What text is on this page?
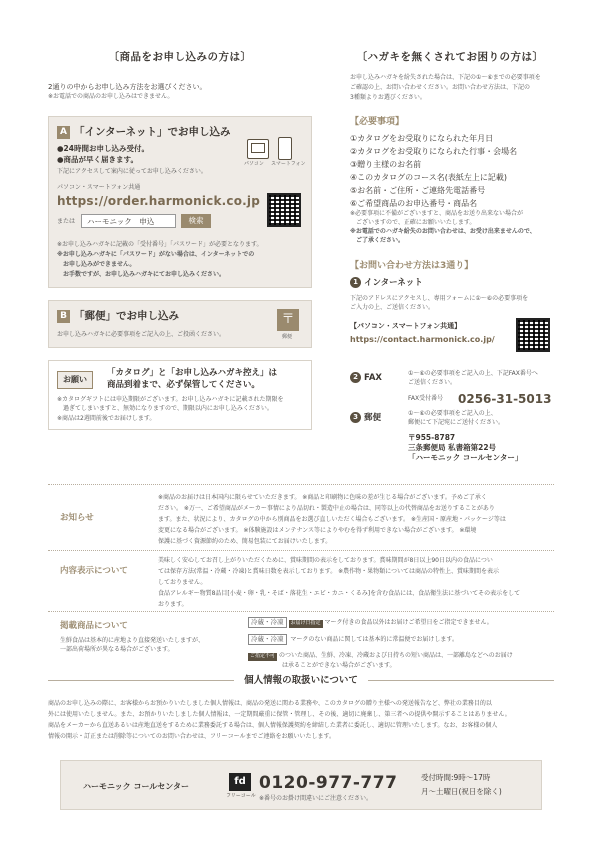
〔商品をお申し込みの方は〕	〔ハガキを無くされてお困りの方は〕
2通りの中からお申し込み方法をお選びください。
※お電話での商品のお申し込みはできません。
A 「インターネット」でお申し込み
●24時間お申し込み受付。
●商品が早く届きます。
下記にアクセスして案内に従ってお申し込みください。
パソコン スマートフォン
パソコン・スマートフォン共通
https://order.harmonick.co.jp
または	ハーモニック　申込	検索
※お申し込みハガキに記載の「受付番号」「パスワード」が必要となります。
※お申し込みハガキに「パスワード」がない場合は、インターネットでの
　お申し込みができません。
　お手数ですが、お申し込みハガキにてお申し込みください。
B 「郵便」でお申し込み
お申し込みハガキに必要事項をご記入の上、ご投函ください。
〒
郵便
お願い
「カタログ」と「お申し込みハガキ控え」は
商品到着まで、必ず保管してください。
※カタログギフトには申込期限がございます。お申し込みハガキに記載された期限を
　過ぎてしまいますと、無効になりますので、期限以内にお申し込みください。
※商品は2週間前後でお届けします。
お申し込みハガキを紛失された場合は、下記の①～⑥までの必要事項を
ご確認の上、お問い合わせください。お問い合わせ方法は、下記の
3種類よりお選びください。
【必要事項】
①カタログをお受取りになられた年月日
②カタログをお受取りになられた行事・会場名
③贈り主様のお名前
④このカタログのコース名(表紙左上に記載)
⑤お名前・ご住所・ご連絡先電話番号
⑥ご希望商品のお申込番号・商品名
※必要事項に不備がございますと、商品をお送り出来ない場合が
　ございますので、正確にお願いいたします。
※お電話でのハガキ紛失のお問い合わせは、お受け出来ませんので、
　ご了承ください。
【お問い合わせ方法は3通り】
1 インターネット
下記のアドレスにアクセスし、専用フォームに①～⑥の必要事項を
ご入力の上、ご送信ください。
【パソコン・スマートフォン共通】
https://contact.harmonick.co.jp/
2 FAX	①～⑥の必要事項をご記入の上、下記FAX番号へ
ご送信ください。
FAX受付番号 0256-31-5013
3 郵便	①～⑥の必要事項をご記入の上、
郵便にて下記宛にご送付ください。
〒955-8787
三条郵便局 私書箱第22号
「ハーモニック コールセンター」
お知らせ
※商品のお届けは日本国内に限らせていただきます。 ※商品と印刷物に色味の差が生じる場合がございます。予めご了承く
ださい。 ※万一、ご希望商品がメーカー事情により品切れ・製造中止の場合は、同等以上の代替商品をお送りすることがあり
ます。また、状況により、カタログの中から別商品をお選び直しいただく場合もございます。 ※生産国・原産地・パッケージ等は
変更になる場合がございます。 ※体験施設はメンテナンス等によりやむを得ず利用できない場合がございます。 ※環境
保護に基づく資源節約のため、簡易包装にてお届けいたします。
内容表示について
美味しく安心してお召し上がりいただくために、賞味期間の表示をしております。賞味期間が8日以上90日以内の食品につい
ては保存方法(常温・冷蔵・冷凍)と賞味日数を表示しております。 ※農作物・果物類については商品の特性上、賞味期間を表示
しておりません。
食品アレルギー物質8品目[小麦・卵・乳・そば・落花生・エビ・カニ・くるみ]を含む食品には、食品衛生法に基づいてその表示をして
おります。
掲載商品について
生鮮食品は基本的に産地より直接発送いたしますが、
一部出荷場所が異なる場合がございます。
冷蔵・冷凍 お届け日指定 マーク付きの食品以外はお届けご希望日をご指定できません。
冷蔵・冷凍 マークのない商品に関しては基本的に常温便でお届けします。
ご指定不可 のついた商品、生鮮、冷凍、冷蔵および日持ちの短い商品は、一部離島などへのお届け
は承ることができない場合がございます。
個人情報の取扱いについて
商品のお申し込みの際に、お客様からお預かりいたしました個人情報は、商品の発送に関わる業務や、このカタログの贈り主様への発送報告など、弊社の業務目的以
外には使用いたしません。また、お預かりいたしました個人情報は、一定期間厳重に保管・管理し、その後、適切に廃棄し、第三者への提供や開示することはありません。
商品をメーカーから直送あるいは産地直送をするために業務委託する場合は、個人情報保護契約を締結した業者に委託し、適切に管理いたします。なお、お客様の個人
情報の開示・訂正または削除等についてのお問い合わせは、フリーコールまでご連絡をお願いいたします。
ハーモニック コールセンター	fd
フリーコール
0120-977-777
※番号のお掛け間違いにご注意ください。
受付時間:9時～17時
月～土曜日(祝日を除く)
